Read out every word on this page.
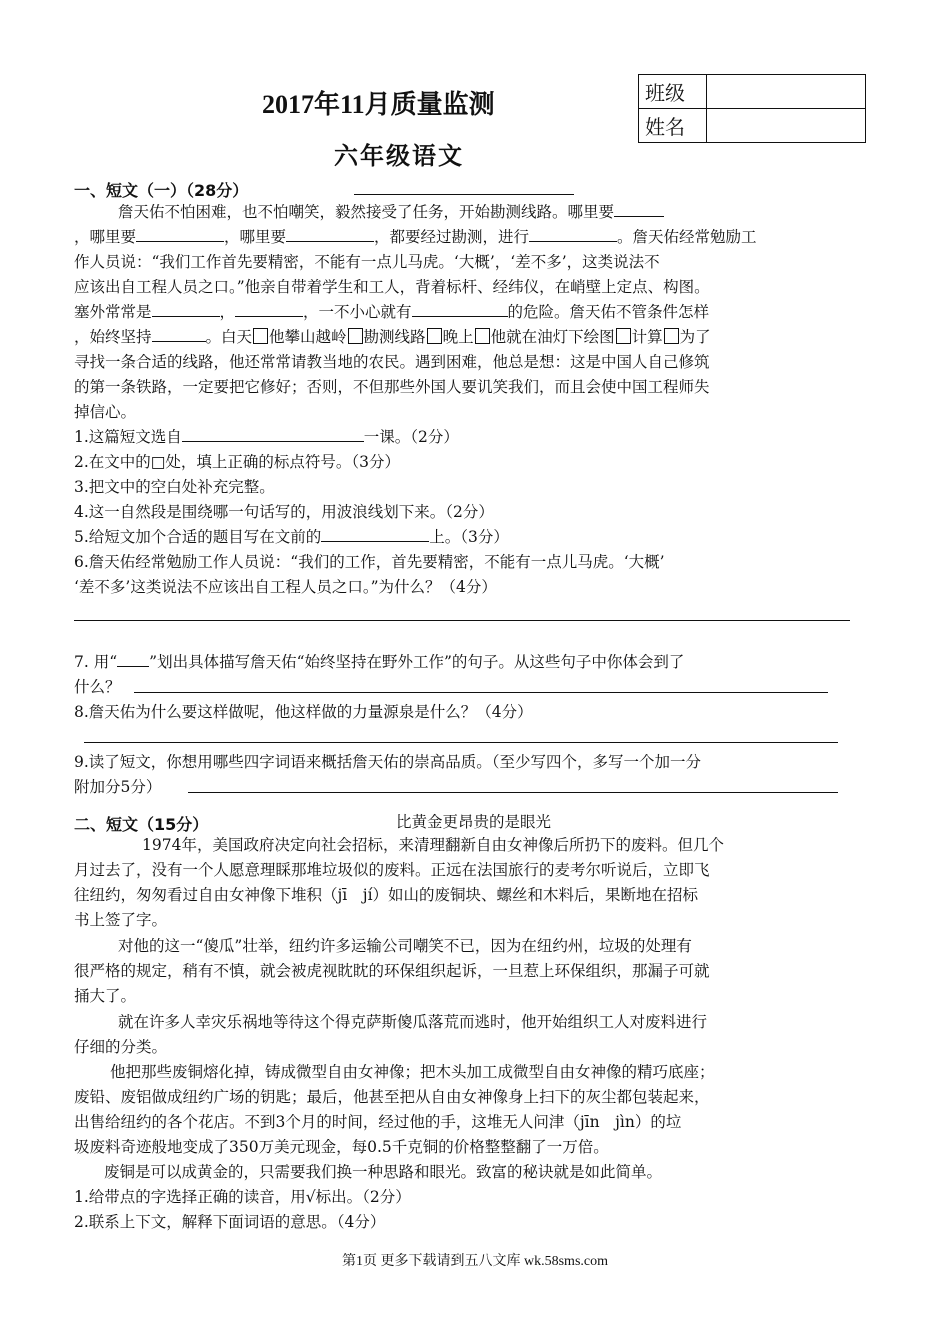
2017年11月质量监测
六年级语文
班级	
姓名	
一、短文（一）（28分）
詹天佑不怕困难，也不怕嘲笑，毅然接受了任务，开始勘测线路。哪里要
，哪里要	，哪里要	，都要经过勘测，进行	。詹天佑经常勉励工
作人员说：“我们工作首先要精密，不能有一点儿马虎。‘大概’，‘差不多’，这类说法不
应该出自工程人员之口。”他亲自带着学生和工人，背着标杆、经纬仪，在峭壁上定点、构图。
塞外常常是	，	，一不小心就有	的危险。詹天佑不管条件怎样
，始终坚持	。白天 他攀山越岭 勘测线路 晚上 他就在油灯下绘图 计算 为了
寻找一条合适的线路，他还常常请教当地的农民。遇到困难，他总是想：这是中国人自己修筑
的第一条铁路，一定要把它修好；否则，不但那些外国人要讥笑我们，而且会使中国工程师失
掉信心。
1.这篇短文选自	一课。（2分）
2.在文中的□处，填上正确的标点符号。（3分）
3.把文中的空白处补充完整。
4.这一自然段是围绕哪一句话写的，用波浪线划下来。（2分）
5.给短文加个合适的题目写在文前的	上。（3分）
6.詹天佑经常勉励工作人员说：“我们的工作，首先要精密，不能有一点儿马虎。‘大概’
‘差不多’这类说法不应该出自工程人员之口。”为什么？（4分）
7. 用“ ”划出具体描写詹天佑“始终坚持在野外工作”的句子。从这些句子中你体会到了
什么？
8.詹天佑为什么要这样做呢，他这样做的力量源泉是什么？（4分）
9.读了短文，你想用哪些四字词语来概括詹天佑的崇高品质。（至少写四个，多写一个加一分
附加分5分）
二、短文（15分）	比黄金更昂贵的是眼光
1974年，美国政府决定向社会招标，来清理翻新自由女神像后所扔下的废料。但几个
月过去了，没有一个人愿意理睬那堆垃圾似的废料。正远在法国旅行的麦考尔听说后，立即飞
往纽约，匆匆看过自由女神像下堆积（jī　jí）如山的废铜块、螺丝和木料后，果断地在招标
书上签了字。
对他的这一“傻瓜”壮举，纽约许多运输公司嘲笑不已，因为在纽约州，垃圾的处理有
很严格的规定，稍有不慎，就会被虎视眈眈的环保组织起诉，一旦惹上环保组织，那漏子可就
捅大了。
就在许多人幸灾乐祸地等待这个得克萨斯傻瓜落荒而逃时，他开始组织工人对废料进行
仔细的分类。
他把那些废铜熔化掉，铸成微型自由女神像；把木头加工成微型自由女神像的精巧底座；
废铅、废铝做成纽约广场的钥匙；最后，他甚至把从自由女神像身上扫下的灰尘都包装起来，
出售给纽约的各个花店。不到3个月的时间，经过他的手，这堆无人问津（jīn　jìn）的垃
圾废料奇迹般地变成了350万美元现金，每0.5千克铜的价格整整翻了一万倍。
废铜是可以成黄金的，只需要我们换一种思路和眼光。致富的秘诀就是如此简单。
1.给带点的字选择正确的读音，用√标出。（2分）
2.联系上下文，解释下面词语的意思。（4分）
第1页 更多下载请到五八文库 wk.58sms.com
